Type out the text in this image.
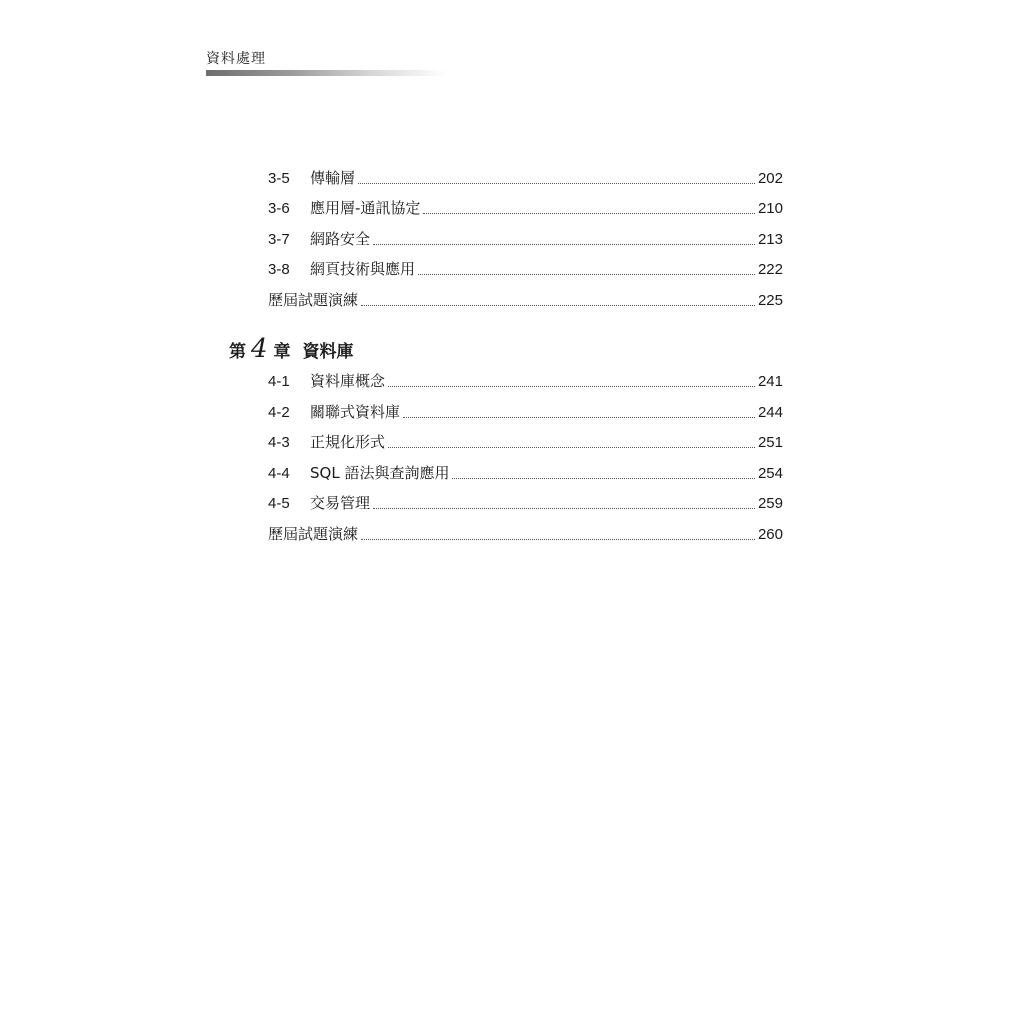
資料處理
3-5	傳輸層	202
3-6	應用層-通訊協定	210
3-7	網路安全	213
3-8	網頁技術與應用	222
歷屆試題演練	225
第 4 章 資料庫
4-1	資料庫概念	241
4-2	關聯式資料庫	244
4-3	正規化形式	251
4-4	SQL 語法與查詢應用	254
4-5	交易管理	259
歷屆試題演練	260
